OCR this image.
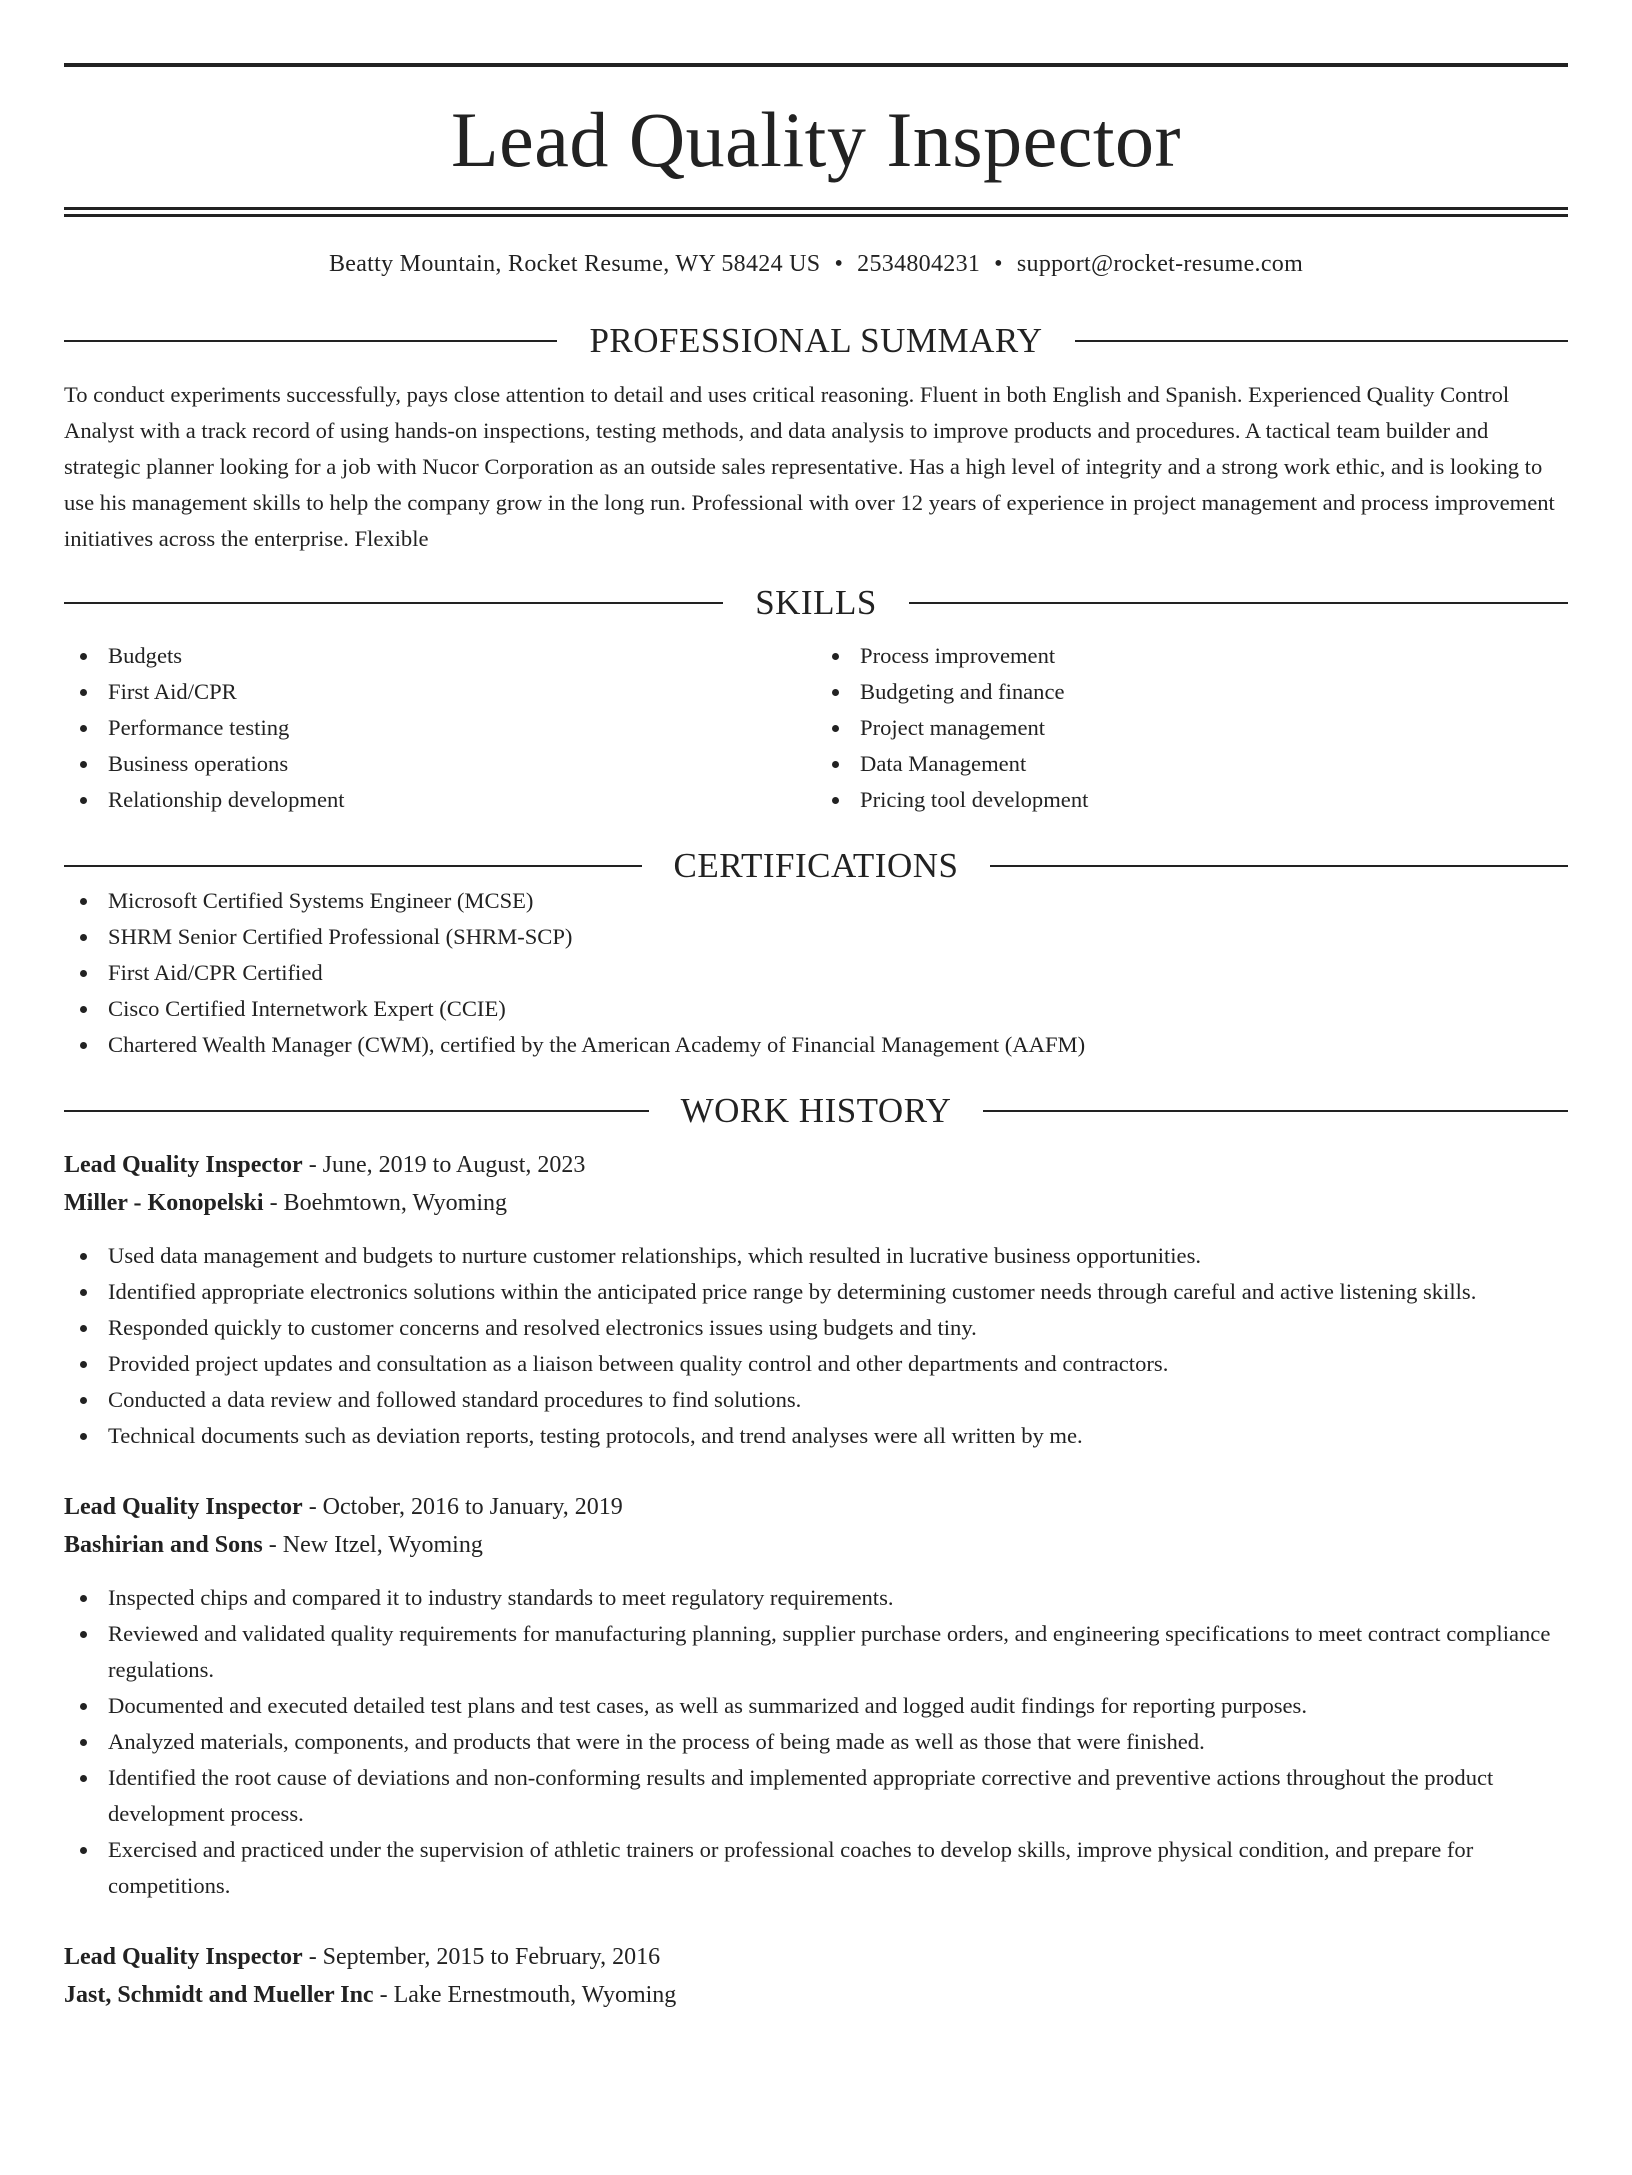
Lead Quality Inspector
Beatty Mountain, Rocket Resume, WY 58424 US • 2534804231 • support@rocket-resume.com
PROFESSIONAL SUMMARY
To conduct experiments successfully, pays close attention to detail and uses critical reasoning. Fluent in both English and Spanish. Experienced Quality Control Analyst with a track record of using hands-on inspections, testing methods, and data analysis to improve products and procedures. A tactical team builder and strategic planner looking for a job with Nucor Corporation as an outside sales representative. Has a high level of integrity and a strong work ethic, and is looking to use his management skills to help the company grow in the long run. Professional with over 12 years of experience in project management and process improvement initiatives across the enterprise. Flexible
SKILLS
Budgets
First Aid/CPR
Performance testing
Business operations
Relationship development
Process improvement
Budgeting and finance
Project management
Data Management
Pricing tool development
CERTIFICATIONS
Microsoft Certified Systems Engineer (MCSE)
SHRM Senior Certified Professional (SHRM-SCP)
First Aid/CPR Certified
Cisco Certified Internetwork Expert (CCIE)
Chartered Wealth Manager (CWM), certified by the American Academy of Financial Management (AAFM)
WORK HISTORY
Lead Quality Inspector - June, 2019 to August, 2023
Miller - Konopelski - Boehmtown, Wyoming
Used data management and budgets to nurture customer relationships, which resulted in lucrative business opportunities.
Identified appropriate electronics solutions within the anticipated price range by determining customer needs through careful and active listening skills.
Responded quickly to customer concerns and resolved electronics issues using budgets and tiny.
Provided project updates and consultation as a liaison between quality control and other departments and contractors.
Conducted a data review and followed standard procedures to find solutions.
Technical documents such as deviation reports, testing protocols, and trend analyses were all written by me.
Lead Quality Inspector - October, 2016 to January, 2019
Bashirian and Sons - New Itzel, Wyoming
Inspected chips and compared it to industry standards to meet regulatory requirements.
Reviewed and validated quality requirements for manufacturing planning, supplier purchase orders, and engineering specifications to meet contract compliance regulations.
Documented and executed detailed test plans and test cases, as well as summarized and logged audit findings for reporting purposes.
Analyzed materials, components, and products that were in the process of being made as well as those that were finished.
Identified the root cause of deviations and non-conforming results and implemented appropriate corrective and preventive actions throughout the product development process.
Exercised and practiced under the supervision of athletic trainers or professional coaches to develop skills, improve physical condition, and prepare for competitions.
Lead Quality Inspector - September, 2015 to February, 2016
Jast, Schmidt and Mueller Inc - Lake Ernestmouth, Wyoming
